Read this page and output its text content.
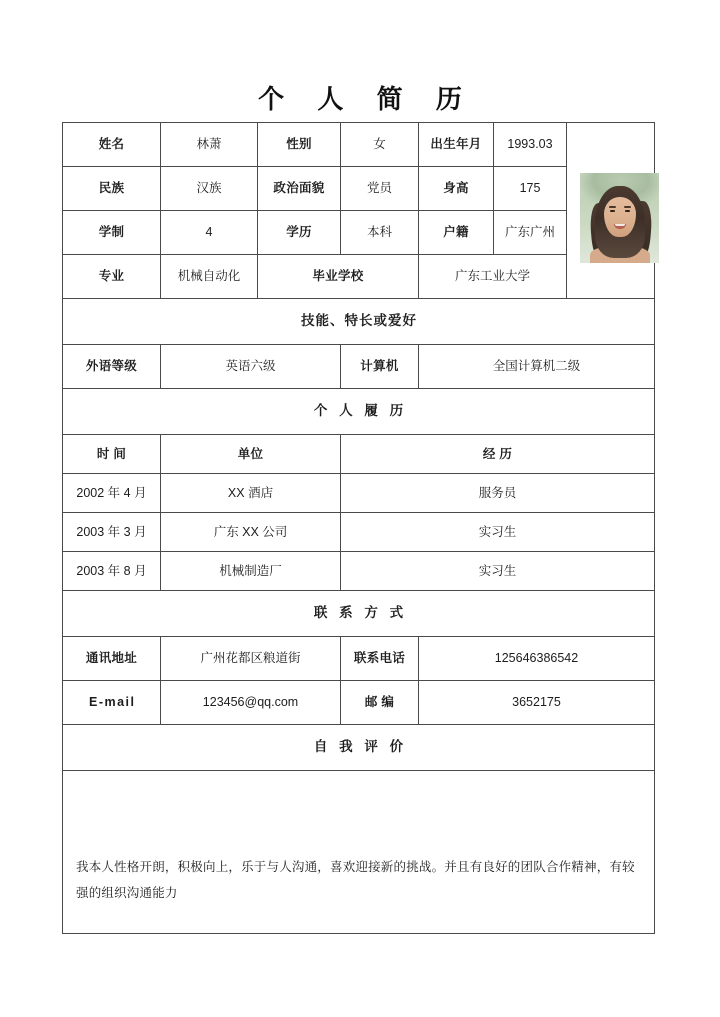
个 人 简 历
姓名	林萧	性别	女	出生年月	1993.03	

民族	汉族	政治面貌	党员	身高	175	
学制	4	学历	本科	户籍	广东广州	
专业	机械自动化	毕业学校		广东工业大学		
技能、特长或爱好						
外语等级	英语六级		计算机	全国计算机二级		
个 人 履 历						
时 间	单位		经 历			
2002 年 4 月	XX 酒店		服务员			
2003 年 3 月	广东 XX 公司		实习生			
2003 年 8 月	机械制造厂		实习生			
联 系 方 式						
通讯地址	广州花都区粮道街		联系电话	125646386542		
E-mail	123456@qq.com		邮 编	3652175		
自 我 评 价						

我本人性格开朗，积极向上，乐于与人沟通，喜欢迎接新的挑战。并且有良好的团队合作精神，有较强的组织沟通能力						
